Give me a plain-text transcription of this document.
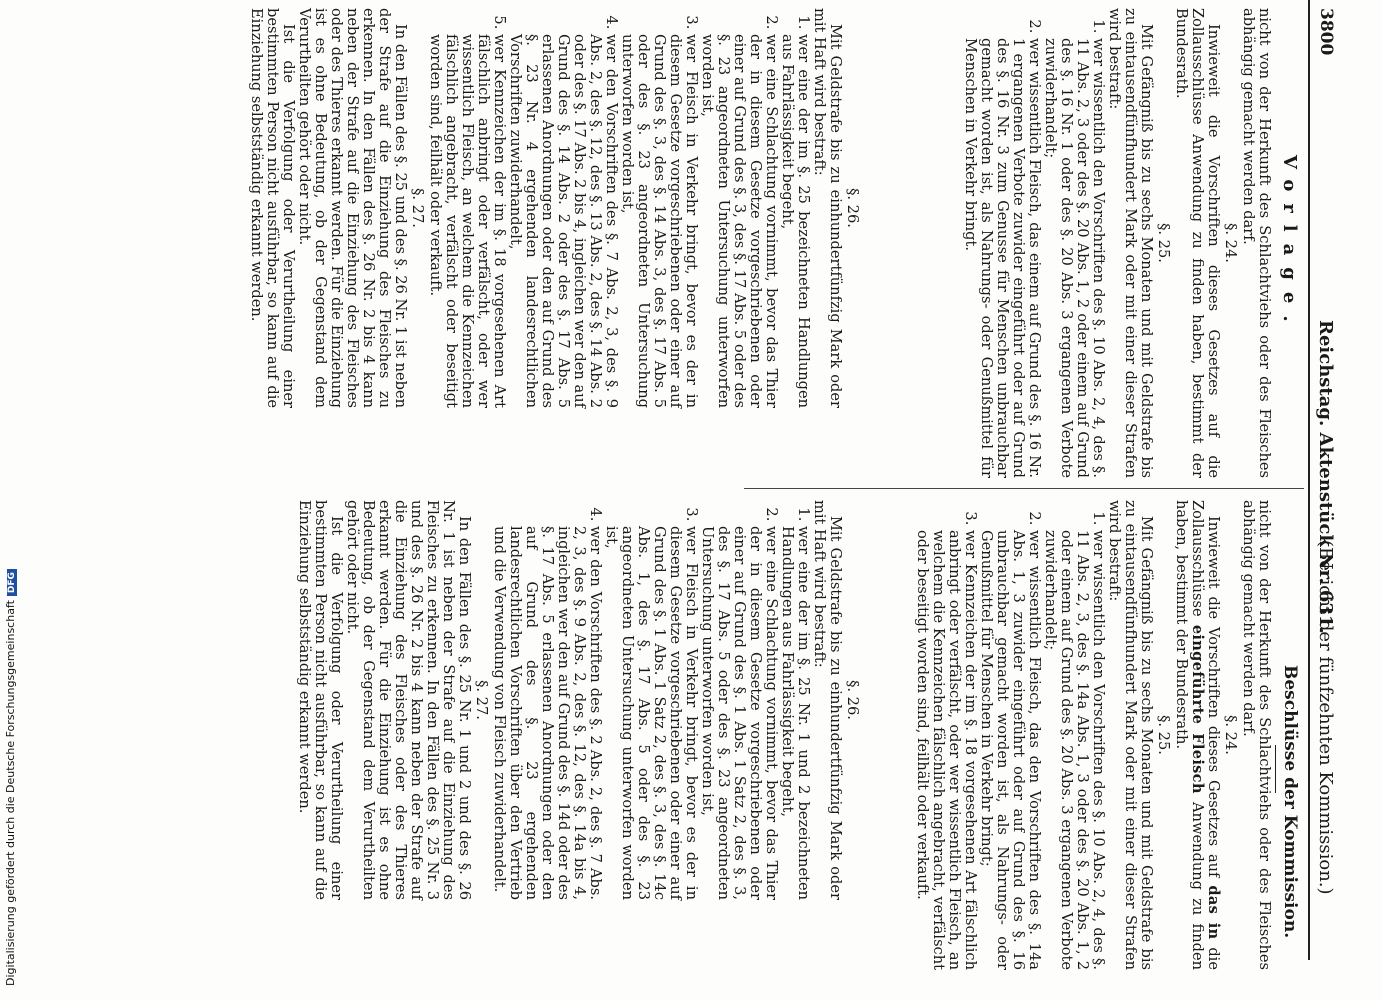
3800
Reichstag. Aktenstück Nr. 631.
(Bericht der fünfzehnten Kommission.)
Vorlage.
Beschlüsse der Kommission.

nicht von der Herkunft des Schlachtviehs oder des Fleisches abhängig gemacht werden darf.

§. 24.

Inwieweit die Vorschriften dieses Gesetzes auf die Zollausschlüsse Anwendung zu finden haben, bestimmt der Bundesrath.

§. 25.

Mit Gefängniß bis zu sechs Monaten und mit Geldstrafe bis zu eintausendfünfhundert Mark oder mit einer dieser Strafen wird bestraft:

1. wer wissentlich den Vorschriften des §. 10 Abs. 2, 4, des §. 11 Abs. 2, 3 oder des §. 20 Abs. 1, 2 oder einem auf Grund des §. 16 Nr. 1 oder des §. 20 Abs. 3 ergangenen Verbote zuwiderhandelt;
2. wer wissentlich Fleisch, das einem auf Grund des §. 16 Nr. 1 ergangenen Verbote zuwider eingeführt oder auf Grund des §. 16 Nr. 3 zum Genusse für Menschen unbrauchbar gemacht worden ist, als Nahrungs- oder Genußmittel für Menschen in Verkehr bringt.

§. 26.

Mit Geldstrafe bis zu einhundertfünfzig Mark oder mit Haft wird bestraft:

1. wer eine der im §. 25 bezeichneten Handlungen aus Fahrlässigkeit begeht,
2. wer eine Schlachtung vornimmt, bevor das Thier der in diesem Gesetze vorgeschriebenen oder einer auf Grund des §. 3, des §. 17 Abs. 5 oder des §. 23 angeordneten Untersuchung unterworfen worden ist,
3. wer Fleisch in Verkehr bringt, bevor es der in diesem Gesetze vorgeschriebenen oder einer auf Grund des §. 3, des §. 14 Abs. 3, des §. 17 Abs. 5 oder des §. 23 angeordneten Untersuchung unterworfen worden ist,
4. wer den Vorschriften des §. 7 Abs. 2, 3, des §. 9 Abs. 2, des §. 12, des §. 13 Abs. 2, des §. 14 Abs. 2 oder des §. 17 Abs. 2 bis 4, ingleichen wer den auf Grund des §. 14 Abs. 2 oder des §. 17 Abs. 5 erlassenen Anordnungen oder den auf Grund des §. 23 Nr. 4 ergehenden landesrechtlichen Vorschriften zuwiderhandelt,
5. wer Kennzeichen der im §. 18 vorgesehenen Art fälschlich anbringt oder verfälscht, oder wer wissentlich Fleisch, an welchem die Kennzeichen fälschlich angebracht, verfälscht oder beseitigt worden sind, feilhält oder verkauft.

§. 27.

In den Fällen des §. 25 und des §. 26 Nr. 1 ist neben der Strafe auf die Einziehung des Fleisches zu erkennen. In den Fällen des §. 26 Nr. 2 bis 4 kann neben der Strafe auf die Einziehung des Fleisches oder des Thieres erkannt werden. Für die Einziehung ist es ohne Bedeutung, ob der Gegenstand dem Verurtheilten gehört oder nicht.

Ist die Verfolgung oder Verurtheilung einer bestimmten Person nicht ausführbar, so kann auf die Einziehung selbstständig erkannt werden.

nicht von der Herkunft des Schlachtviehs oder des Fleisches abhängig gemacht werden darf.

§. 24.

Inwieweit die Vorschriften dieses Gesetzes auf das in die Zollausschlüsse eingeführte Fleisch Anwendung zu finden haben, bestimmt der Bundesrath.

§. 25.

Mit Gefängniß bis zu sechs Monaten und mit Geldstrafe bis zu eintausendfünfhundert Mark oder mit einer dieser Strafen wird bestraft:

1. wer wissentlich den Vorschriften des §. 10 Abs. 2, 4, des §. 11 Abs. 2, 3, des §. 14a Abs. 1, 3 oder des §. 20 Abs. 1, 2 oder einem auf Grund des §. 20 Abs. 3 ergangenen Verbote zuwiderhandelt;
2. wer wissentlich Fleisch, das den Vorschriften des §. 14a Abs. 1, 3 zuwider eingeführt oder auf Grund des §. 16 unbrauchbar gemacht worden ist, als Nahrungs- oder Genußmittel für Menschen in Verkehr bringt;
3. wer Kennzeichen der im §. 18 vorgesehenen Art fälschlich anbringt oder verfälscht, oder wer wissentlich Fleisch, an welchem die Kennzeichen fälschlich angebracht, verfälscht oder beseitigt worden sind, feilhält oder verkauft.

§. 26.

Mit Geldstrafe bis zu einhundertfünfzig Mark oder mit Haft wird bestraft:

1. wer eine der im §. 25 Nr. 1 und 2 bezeichneten Handlungen aus Fahrlässigkeit begeht,
2. wer eine Schlachtung vornimmt, bevor das Thier der in diesem Gesetze vorgeschriebenen oder einer auf Grund des §. 1 Abs. 1 Satz 2, des §. 3, des §. 17 Abs. 5 oder des §. 23 angeordneten Untersuchung unterworfen worden ist,
3. wer Fleisch in Verkehr bringt, bevor es der in diesem Gesetze vorgeschriebenen oder einer auf Grund des §. 1 Abs. 1 Satz 2, des §. 3, des §. 14c Abs. 1, des §. 17 Abs. 5 oder des §. 23 angeordneten Untersuchung unterworfen worden ist,
4. wer den Vorschriften des §. 2 Abs. 2, des §. 7 Abs. 2, 3, des §. 9 Abs. 2, des §. 12, des §. 14a bis 4, ingleichen wer den auf Grund des §. 14d oder des §. 17 Abs. 5 erlassenen Anordnungen oder den auf Grund des §. 23 ergehenden landesrechtlichen Vorschriften über den Vertrieb und die Verwendung von Fleisch zuwiderhandelt.

§. 27.

In den Fällen des §. 25 Nr. 1 und 2 und des §. 26 Nr. 1 ist neben der Strafe auf die Einziehung des Fleisches zu erkennen. In den Fällen des §. 25 Nr. 3 und des §. 26 Nr. 2 bis 4 kann neben der Strafe auf die Einziehung des Fleisches oder des Thieres erkannt werden. Für die Einziehung ist es ohne Bedeutung, ob der Gegenstand dem Verurtheilten gehört oder nicht.

Ist die Verfolgung oder Verurtheilung einer bestimmten Person nicht ausführbar, so kann auf die Einziehung selbstständig erkannt werden.

Digitalisierung gefördert durch die Deutsche ForschungsgemeinschaftDFG
